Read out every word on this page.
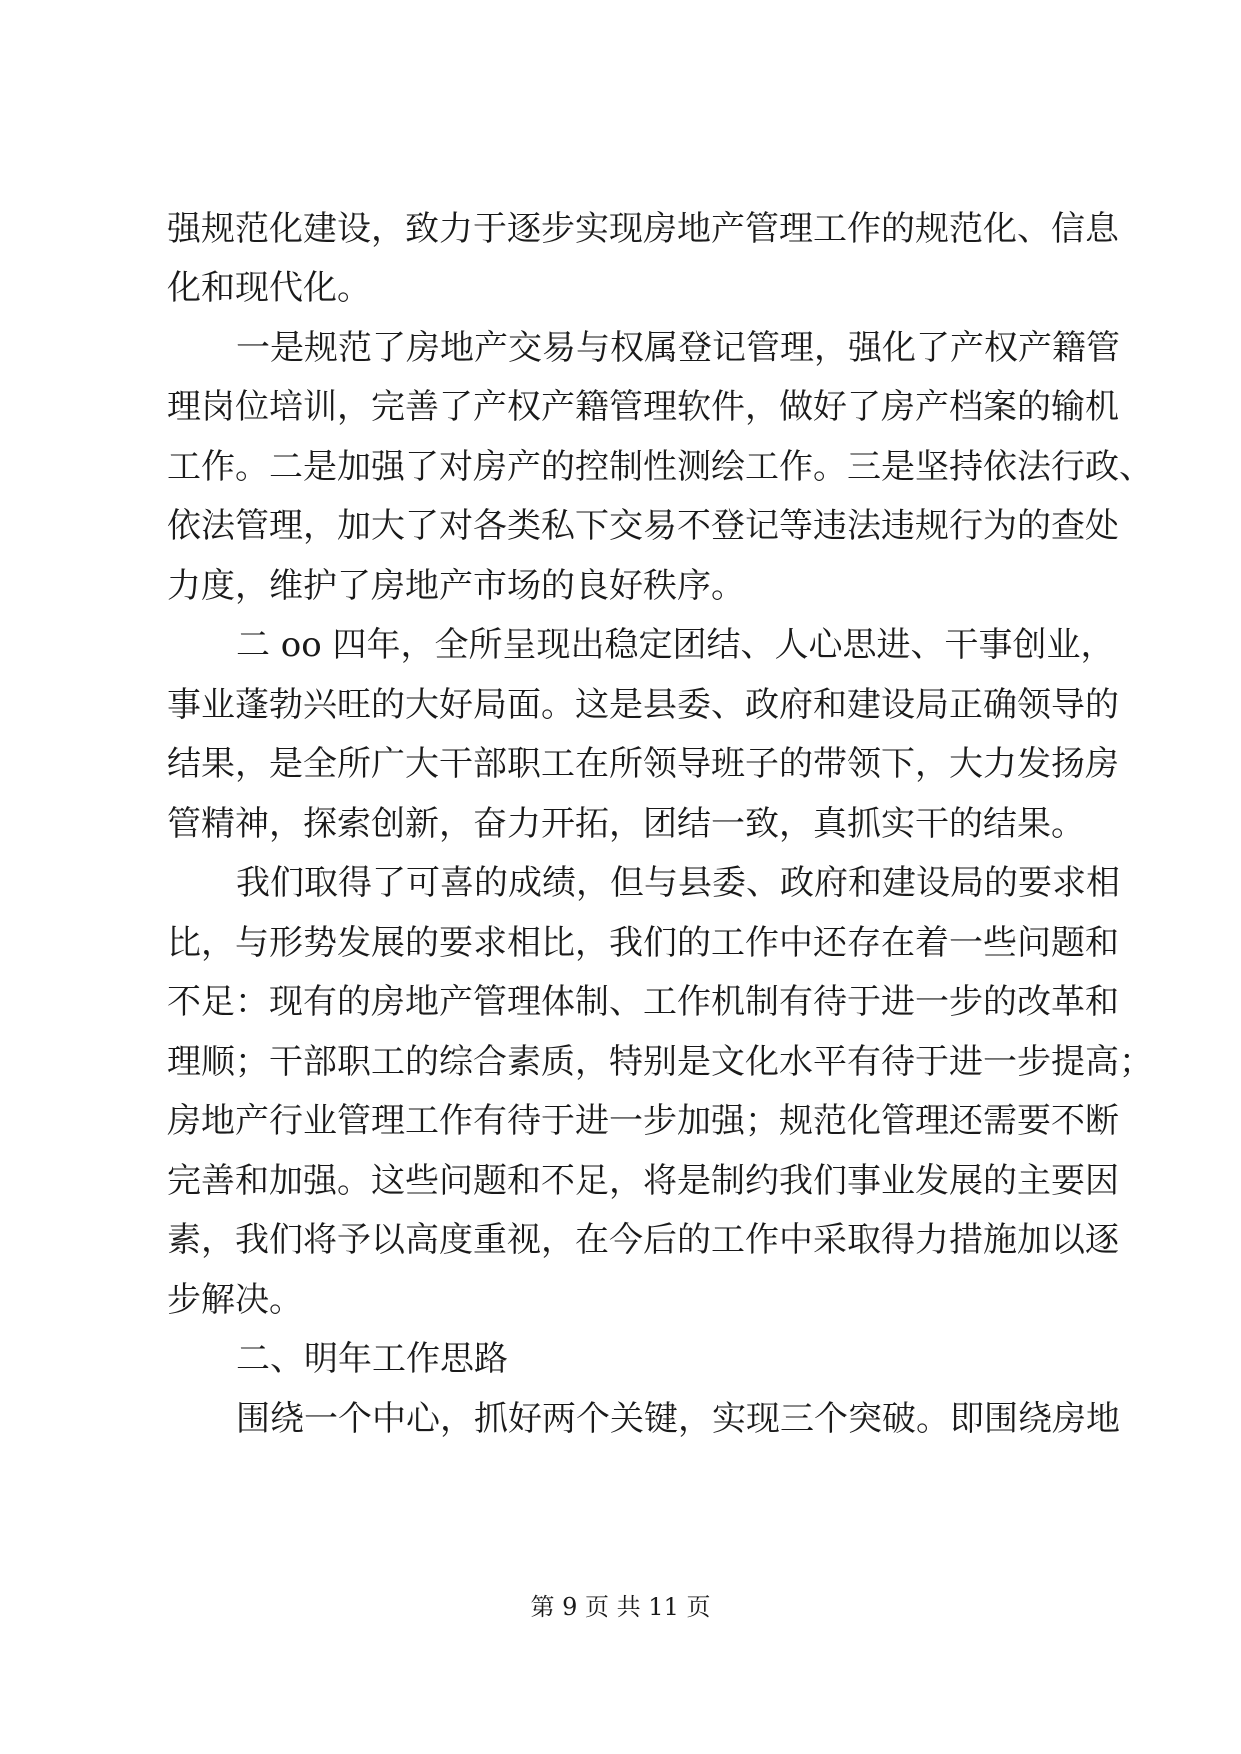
强规范化建设，致力于逐步实现房地产管理工作的规范化、信息
化和现代化。
一是规范了房地产交易与权属登记管理，强化了产权产籍管
理岗位培训，完善了产权产籍管理软件，做好了房产档案的输机
工作。二是加强了对房产的控制性测绘工作。三是坚持依法行政、
依法管理，加大了对各类私下交易不登记等违法违规行为的查处
力度，维护了房地产市场的良好秩序。
二 oo 四年，全所呈现出稳定团结、人心思进、干事创业，
事业蓬勃兴旺的大好局面。这是县委、政府和建设局正确领导的
结果，是全所广大干部职工在所领导班子的带领下，大力发扬房
管精神，探索创新，奋力开拓，团结一致，真抓实干的结果。
我们取得了可喜的成绩，但与县委、政府和建设局的要求相
比，与形势发展的要求相比，我们的工作中还存在着一些问题和
不足：现有的房地产管理体制、工作机制有待于进一步的改革和
理顺；干部职工的综合素质，特别是文化水平有待于进一步提高；
房地产行业管理工作有待于进一步加强；规范化管理还需要不断
完善和加强。这些问题和不足，将是制约我们事业发展的主要因
素，我们将予以高度重视，在今后的工作中采取得力措施加以逐
步解决。
二、明年工作思路
围绕一个中心，抓好两个关键，实现三个突破。即围绕房地
第 9 页 共 11 页
